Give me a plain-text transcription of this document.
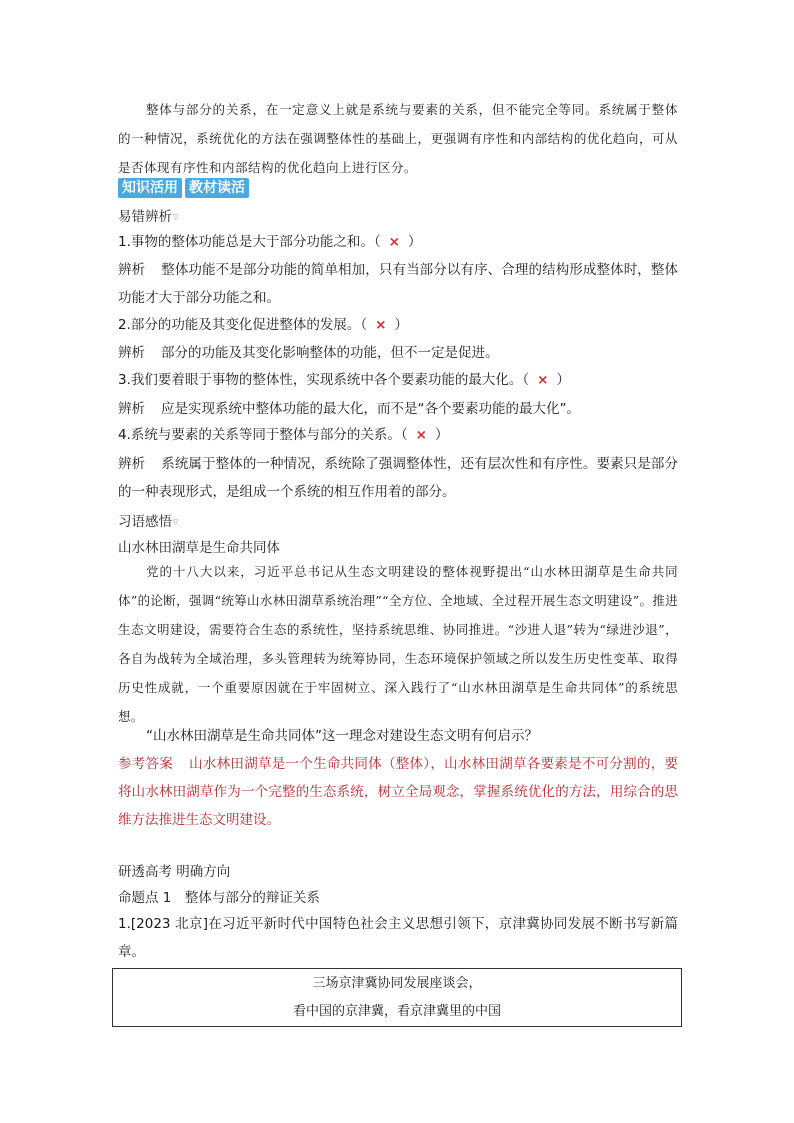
整体与部分的关系，在一定意义上就是系统与要素的关系，但不能完全等同。系统属于整体的一种情况，系统优化的方法在强调整体性的基础上，更强调有序性和内部结构的优化趋向，可从是否体现有序性和内部结构的优化趋向上进行区分。

知识活用 教材读活
易错辨析▽
1.事物的整体功能总是大于部分功能之和。（ × ）
辨析 整体功能不是部分功能的简单相加，只有当部分以有序、合理的结构形成整体时，整体功能才大于部分功能之和。
2.部分的功能及其变化促进整体的发展。（ × ）
辨析 部分的功能及其变化影响整体的功能，但不一定是促进。
3.我们要着眼于事物的整体性，实现系统中各个要素功能的最大化。（ × ）
辨析 应是实现系统中整体功能的最大化，而不是“各个要素功能的最大化”。
4.系统与要素的关系等同于整体与部分的关系。（ × ）
辨析 系统属于整体的一种情况，系统除了强调整体性，还有层次性和有序性。要素只是部分的一种表现形式，是组成一个系统的相互作用着的部分。
习语感悟▽
山水林田湖草是生命共同体

党的十八大以来，习近平总书记从生态文明建设的整体视野提出“山水林田湖草是生命共同体”的论断，强调“统筹山水林田湖草系统治理”“全方位、全地域、全过程开展生态文明建设”。推进生态文明建设，需要符合生态的系统性，坚持系统思维、协同推进。“沙进人退”转为“绿进沙退”，各自为战转为全域治理，多头管理转为统筹协同，生态环境保护领域之所以发生历史性变革、取得历史性成就，一个重要原因就在于牢固树立、深入践行了“山水林田湖草是生命共同体”的系统思想。

“山水林田湖草是生命共同体”这一理念对建设生态文明有何启示？
参考答案 山水林田湖草是一个生命共同体（整体），山水林田湖草各要素是不可分割的，要将山水林田湖草作为一个完整的生态系统，树立全局观念，掌握系统优化的方法，用综合的思维方法推进生态文明建设。
研透高考 明确方向
命题点 1　整体与部分的辩证关系
1.[2023 北京]在习近平新时代中国特色社会主义思想引领下，京津冀协同发展不断书写新篇章。
三场京津冀协同发展座谈会，
看中国的京津冀，看京津冀里的中国
